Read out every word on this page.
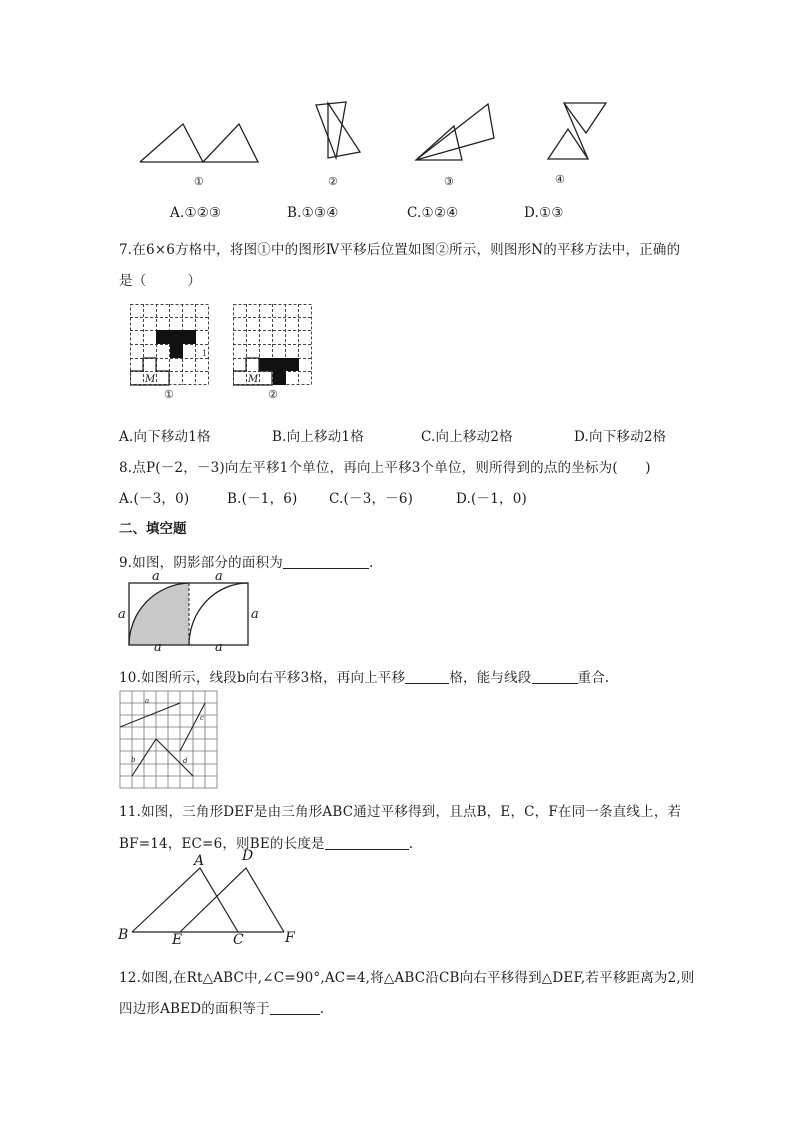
①	②	③	④
A.①②③	B.①③④	C.①②④	D.①③
7.在6×6方格中，将图①中的图形Ⅳ平移后位置如图②所示，则图形N的平移方法中，正确的
是（　　　）
1
M
①
M
②
A.向下移动1格	B.向上移动1格	C.向上移动2格	D.向下移动2格
8.点P(－2，－3)向左平移1个单位，再向上平移3个单位，则所得到的点的坐标为(　　)
A.(－3，0)	B.(－1，6) C.(－3，－6)	D.(－1，0)
二、填空题
9.如图，阴影部分的面积为	.
a	a
a	a
a	a
10.如图所示，线段b向右平移3格，再向上平移	格，能与线段	重合.
a
b
c
d
11.如图，三角形DEF是由三角形ABC通过平移得到，且点B，E，C，F在同一条直线上，若
BF=14，EC=6，则BE的长度是	.
A	D
B	E	C	F
12.如图,在Rt△ABC中,∠C=90°,AC=4,将△ABC沿CB向右平移得到△DEF,若平移距离为2,则
四边形ABED的面积等于	.
